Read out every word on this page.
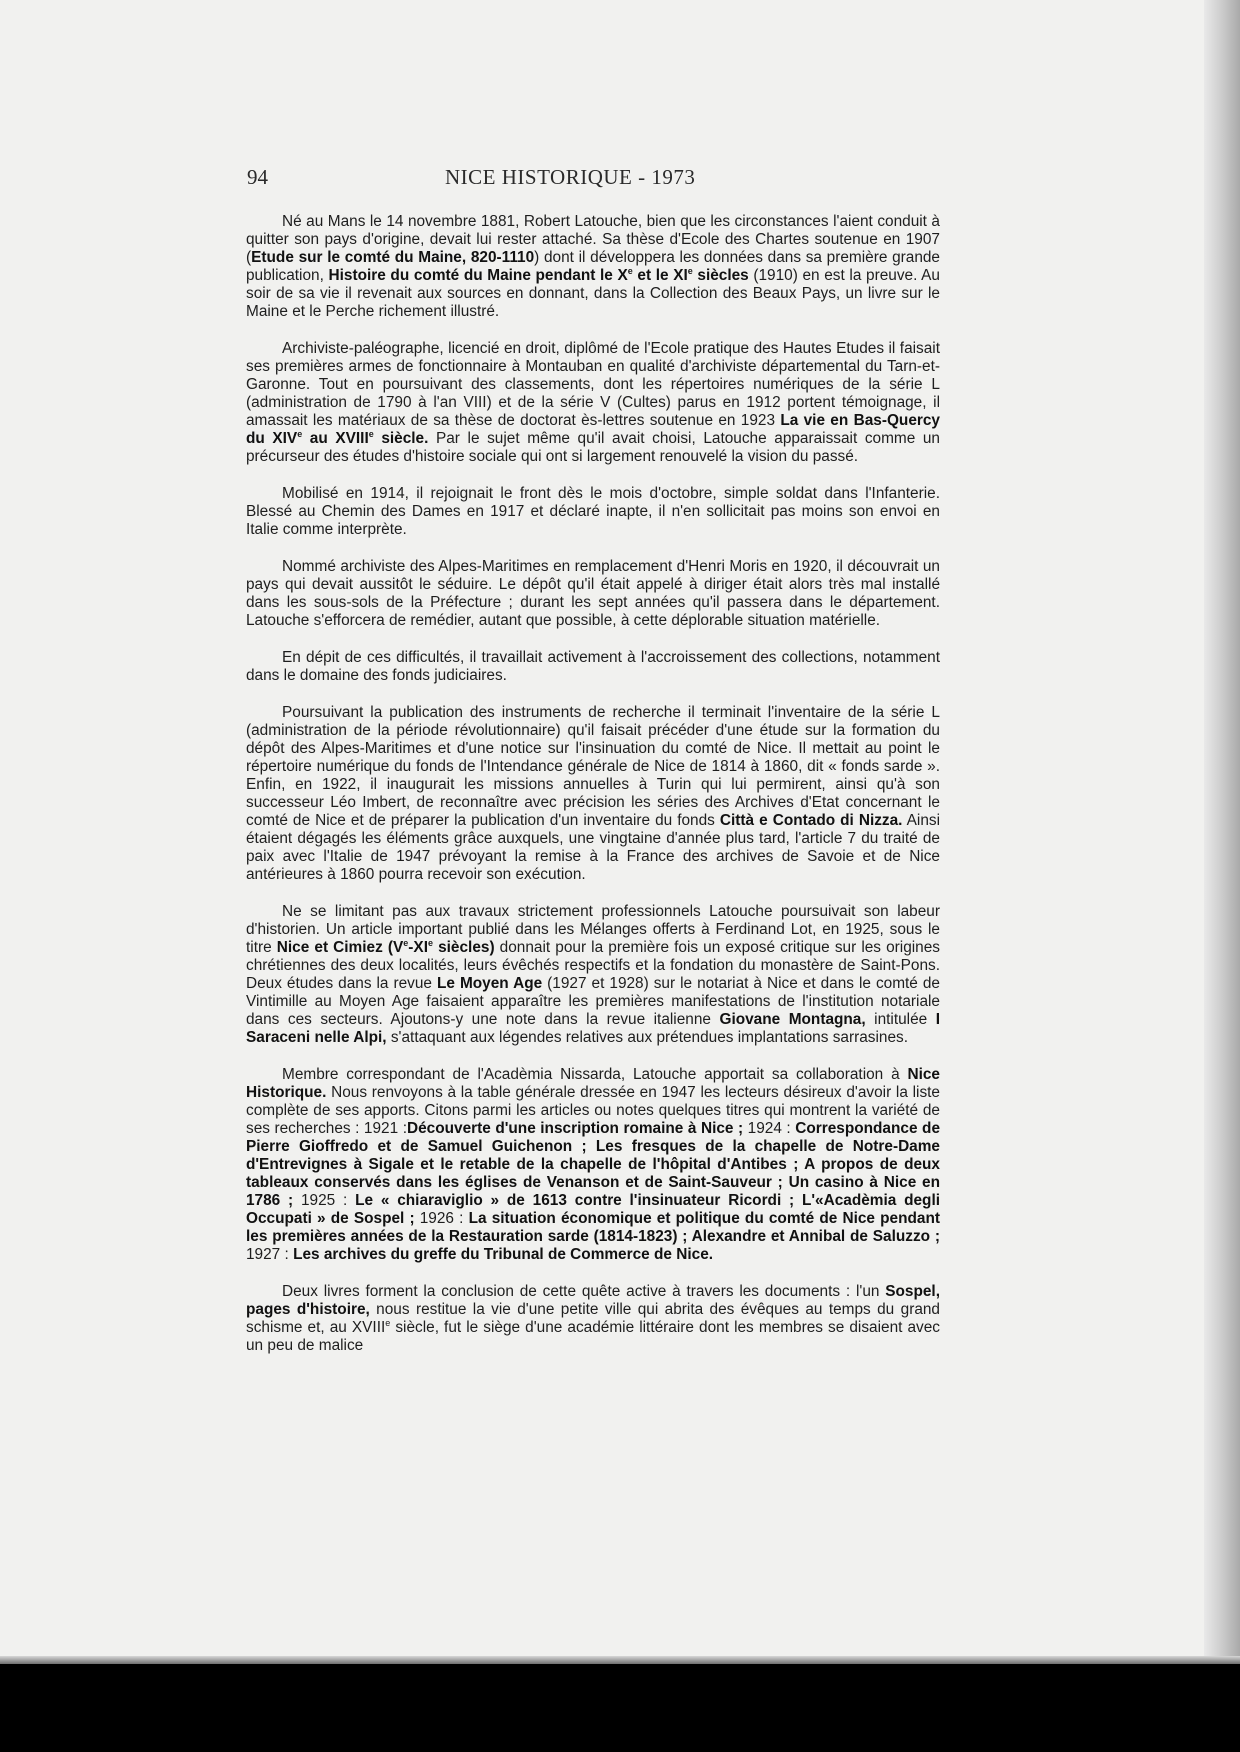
94	NICE HISTORIQUE - 1973

Né au Mans le 14 novembre 1881, Robert Latouche, bien que les circonstances l'aient conduit à quitter son pays d'origine, devait lui rester attaché. Sa thèse d'Ecole des Chartes soutenue en 1907 (Etude sur le comté du Maine, 820-1110) dont il développera les données dans sa première grande publication, Histoire du comté du Maine pendant le Xe et le XIe siècles (1910) en est la preuve. Au soir de sa vie il revenait aux sources en donnant, dans la Collection des Beaux Pays, un livre sur le Maine et le Perche richement illustré.

Archiviste-paléographe, licencié en droit, diplômé de l'Ecole pratique des Hautes Etudes il faisait ses premières armes de fonctionnaire à Montauban en qualité d'archiviste départemental du Tarn-et-Garonne. Tout en poursuivant des classements, dont les répertoires numériques de la série L (administration de 1790 à l'an VIII) et de la série V (Cultes) parus en 1912 portent témoignage, il amassait les matériaux de sa thèse de doctorat ès-lettres soutenue en 1923 La vie en Bas-Quercy du XIVe au XVIIIe siècle. Par le sujet même qu'il avait choisi, Latouche apparaissait comme un précurseur des études d'histoire sociale qui ont si largement renouvelé la vision du passé.

Mobilisé en 1914, il rejoignait le front dès le mois d'octobre, simple soldat dans l'Infanterie. Blessé au Chemin des Dames en 1917 et déclaré inapte, il n'en sollicitait pas moins son envoi en Italie comme interprète.

Nommé archiviste des Alpes-Maritimes en remplacement d'Henri Moris en 1920, il découvrait un pays qui devait aussitôt le séduire. Le dépôt qu'il était appelé à diriger était alors très mal installé dans les sous-sols de la Préfecture ; durant les sept années qu'il passera dans le département. Latouche s'efforcera de remédier, autant que possible, à cette déplorable situation matérielle.

En dépit de ces difficultés, il travaillait activement à l'accroissement des collections, notamment dans le domaine des fonds judiciaires.

Poursuivant la publication des instruments de recherche il terminait l'inventaire de la série L (administration de la période révolutionnaire) qu'il faisait précéder d'une étude sur la formation du dépôt des Alpes-Maritimes et d'une notice sur l'insinuation du comté de Nice. Il mettait au point le répertoire numérique du fonds de l'Intendance générale de Nice de 1814 à 1860, dit « fonds sarde ». Enfin, en 1922, il inaugurait les missions annuelles à Turin qui lui permirent, ainsi qu'à son successeur Léo Imbert, de reconnaître avec précision les séries des Archives d'Etat concernant le comté de Nice et de préparer la publication d'un inventaire du fonds Città e Contado di Nizza. Ainsi étaient dégagés les éléments grâce auxquels, une vingtaine d'année plus tard, l'article 7 du traité de paix avec l'Italie de 1947 prévoyant la remise à la France des archives de Savoie et de Nice antérieures à 1860 pourra recevoir son exécution.

Ne se limitant pas aux travaux strictement professionnels Latouche poursuivait son labeur d'historien. Un article important publié dans les Mélanges offerts à Ferdinand Lot, en 1925, sous le titre Nice et Cimiez (Ve-XIe siècles) donnait pour la première fois un exposé critique sur les origines chrétiennes des deux localités, leurs évêchés respectifs et la fondation du monastère de Saint-Pons. Deux études dans la revue Le Moyen Age (1927 et 1928) sur le notariat à Nice et dans le comté de Vintimille au Moyen Age faisaient apparaître les premières manifestations de l'institution notariale dans ces secteurs. Ajoutons-y une note dans la revue italienne Giovane Montagna, intitulée I Saraceni nelle Alpi, s'attaquant aux légendes relatives aux prétendues implantations sarrasines.

Membre correspondant de l'Acadèmia Nissarda, Latouche apportait sa collaboration à Nice Historique. Nous renvoyons à la table générale dressée en 1947 les lecteurs désireux d'avoir la liste complète de ses apports. Citons parmi les articles ou notes quelques titres qui montrent la variété de ses recherches : 1921 :Découverte d'une inscription romaine à Nice ; 1924 : Correspondance de Pierre Gioffredo et de Samuel Guichenon ; Les fresques de la chapelle de Notre-Dame d'Entrevignes à Sigale et le retable de la chapelle de l'hôpital d'Antibes ; A propos de deux tableaux conservés dans les églises de Venanson et de Saint-Sauveur ; Un casino à Nice en 1786 ; 1925 : Le « chiaraviglio » de 1613 contre l'insinuateur Ricordi ; L'«Acadèmia degli Occupati » de Sospel ; 1926 : La situation économique et politique du comté de Nice pendant les premières années de la Restauration sarde (1814-1823) ; Alexandre et Annibal de Saluzzo ; 1927 : Les archives du greffe du Tribunal de Commerce de Nice.

Deux livres forment la conclusion de cette quête active à travers les documents : l'un Sospel, pages d'histoire, nous restitue la vie d'une petite ville qui abrita des évêques au temps du grand schisme et, au XVIIIe siècle, fut le siège d'une académie littéraire dont les membres se disaient avec un peu de malice
